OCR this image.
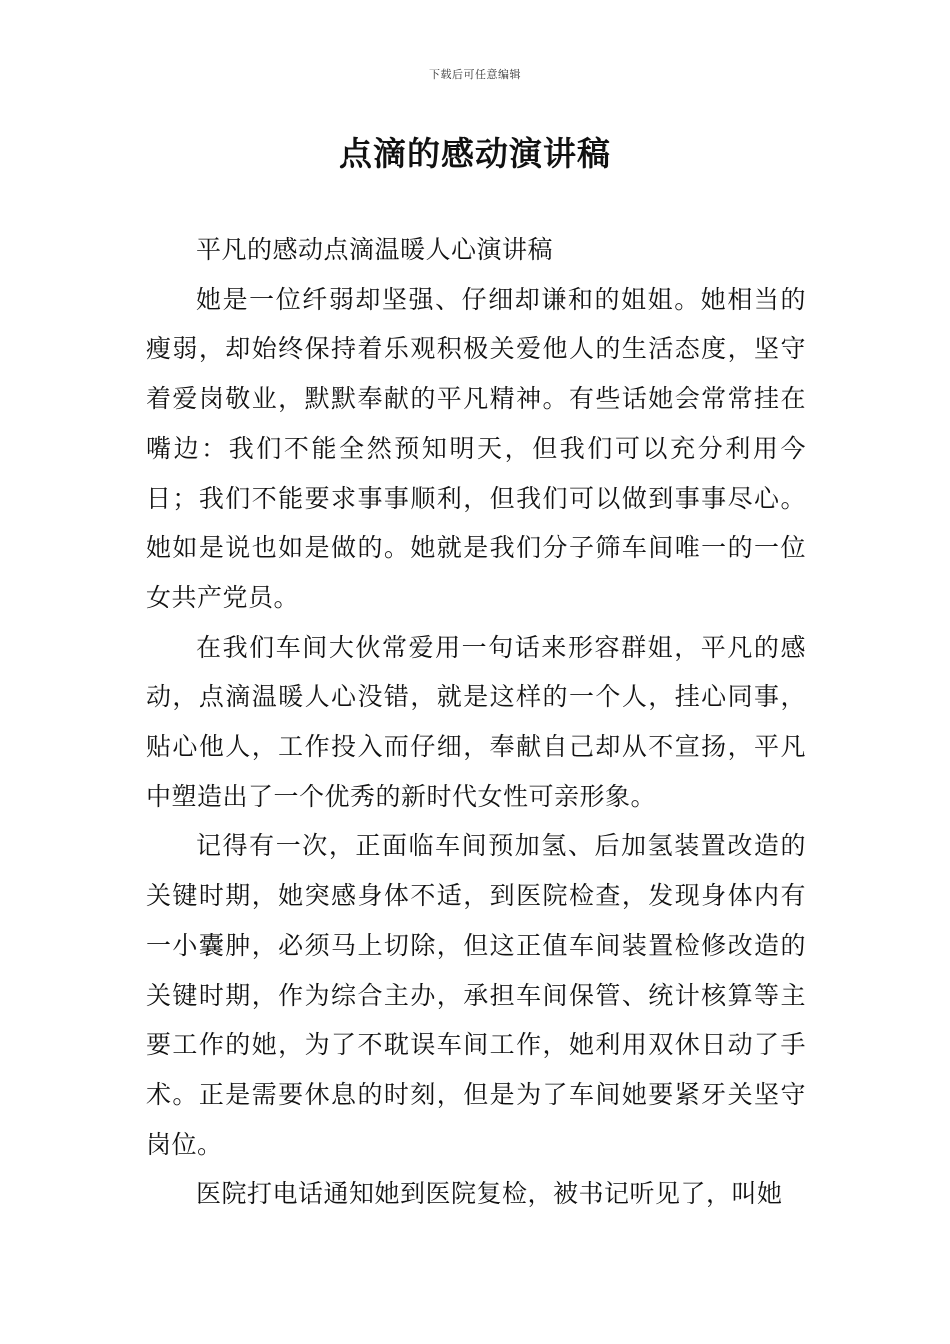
下载后可任意编辑
点滴的感动演讲稿

平凡的感动点滴温暖人心演讲稿

她是一位纤弱却坚强、仔细却谦和的姐姐。她相当的瘦弱，却始终保持着乐观积极关爱他人的生活态度，坚守着爱岗敬业，默默奉献的平凡精神。有些话她会常常挂在嘴边：我们不能全然预知明天，但我们可以充分利用今日；我们不能要求事事顺利，但我们可以做到事事尽心。她如是说也如是做的。她就是我们分子筛车间唯一的一位女共产党员。

在我们车间大伙常爱用一句话来形容群姐，平凡的感动，点滴温暖人心没错，就是这样的一个人，挂心同事，贴心他人，工作投入而仔细，奉献自己却从不宣扬，平凡中塑造出了一个优秀的新时代女性可亲形象。

记得有一次，正面临车间预加氢、后加氢装置改造的关键时期，她突感身体不适，到医院检查，发现身体内有一小囊肿，必须马上切除，但这正值车间装置检修改造的关键时期，作为综合主办，承担车间保管、统计核算等主要工作的她，为了不耽误车间工作，她利用双休日动了手术。正是需要休息的时刻，但是为了车间她要紧牙关坚守岗位。

医院打电话通知她到医院复检，被书记听见了，叫她
